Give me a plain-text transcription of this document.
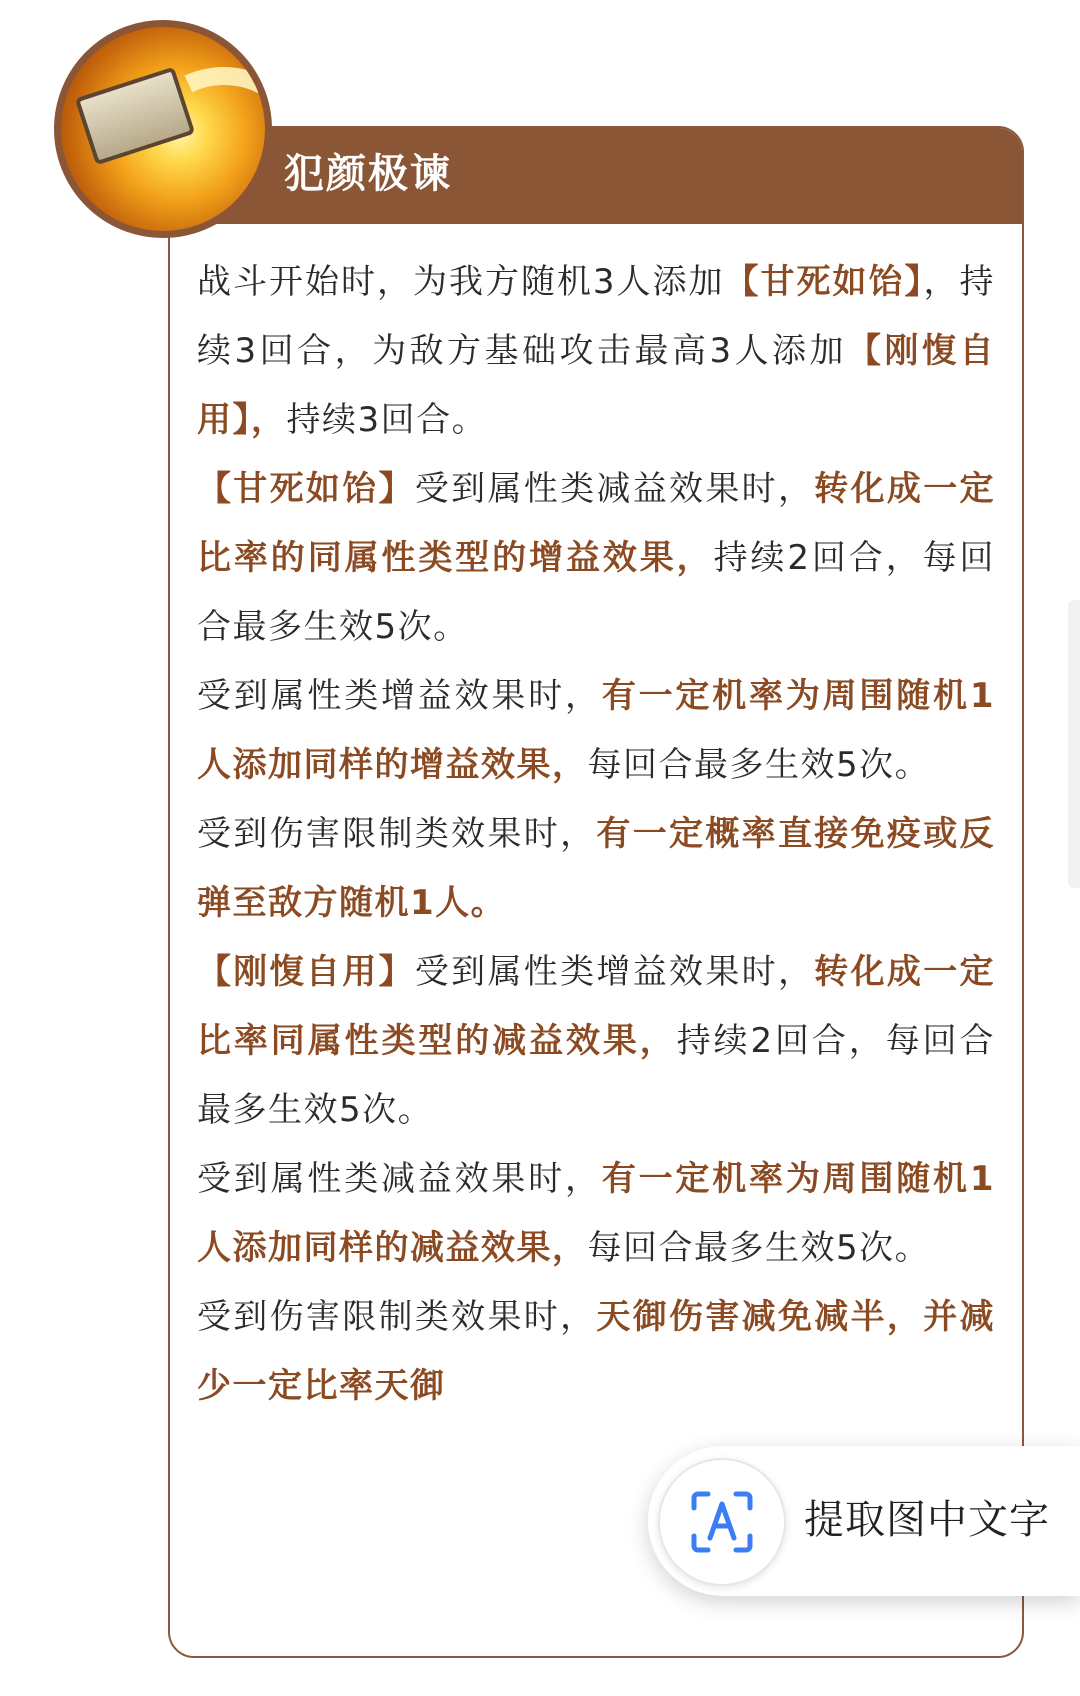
犯颜极谏

战斗开始时，为我方随机3人添加【甘死如饴】，持续3回合，为敌方基础攻击最高3人添加【刚愎自用】，持续3回合。

【甘死如饴】受到属性类减益效果时，转化成一定比率的同属性类型的增益效果，持续2回合，每回合最多生效5次。

受到属性类增益效果时，有一定机率为周围随机1人添加同样的增益效果，每回合最多生效5次。

受到伤害限制类效果时，有一定概率直接免疫或反弹至敌方随机1人。

【刚愎自用】受到属性类增益效果时，转化成一定比率同属性类型的减益效果，持续2回合，每回合最多生效5次。

受到属性类减益效果时，有一定机率为周围随机1人添加同样的减益效果，每回合最多生效5次。

受到伤害限制类效果时，天御伤害减免减半，并减少一定比率天御

提取图中文字
